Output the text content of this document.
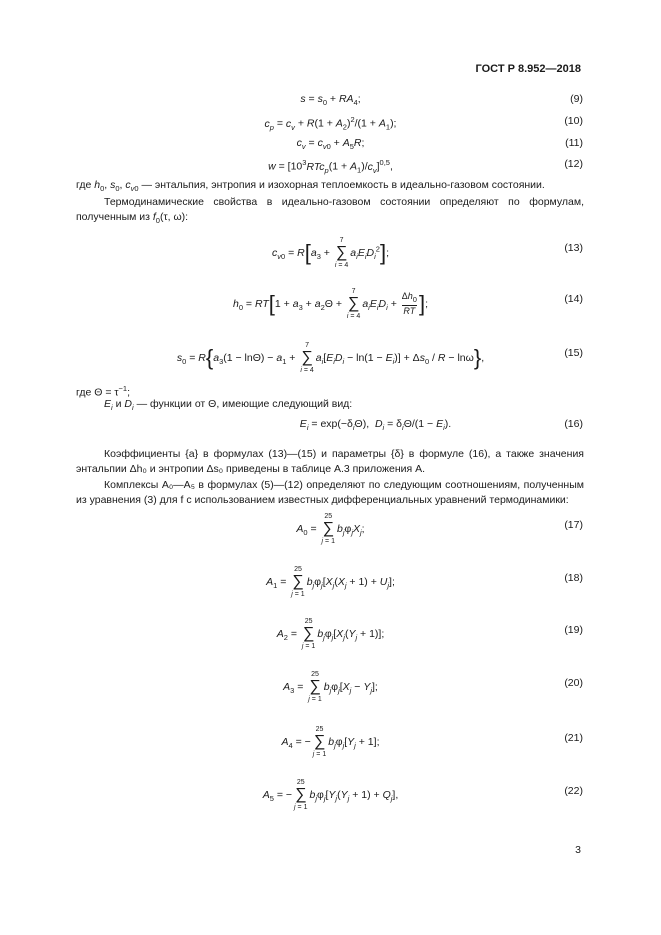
ГОСТ Р 8.952—2018
$s = s_0 + RA_4$;	(9)
$c_p = c_v + R(1 + A_2)^2/(1 + A_1)$;	(10)
$c_v = c_{v0} + A_5R$;	(11)
$w = [10^3RTc_p(1 + A_1)/c_v]^{0,5}$,	(12)
где $h_0$, $s_0$, $c_{v0}$ — энтальпия, энтропия и изохорная теплоемкость в идеально-газовом состоянии.
Термодинамические свойства в идеально-газовом состоянии определяют по формулам, полученным из $f_0(\tau$, ω):
$c_{v0} = R[a_3$ +
7
∑
i = 4
$a_iE_iD_i^2$];	(13)
$h_0 = RT[1 + a_3 + a_2\Theta$ +
7
∑
i = 4
$a_iE_iD_i + \frac{\Delta h_0}{RT}$ ];	(14)
$s_0 = R\{a_3(1 - \ln\Theta) - a_1$ +
7
∑
i = 4
$a_i[E_iD_i - \ln(1 - E_i)] + \Delta s_0 / R - \ln\omega$},	(15)
где $\Theta = \tau^{-1}$;
$E_i$ и $D_i$ — функции от Θ, имеющие следующий вид:
$E_i = \exp(-\delta_i\Theta)$,  $D_i = \delta_i\Theta/(1 - E_i)$.	(16)
Коэффициенты {a} в формулах (13)—(15) и параметры {δ} в формуле (16), а также значения энтальпии Δh₀ и энтропии Δs₀ приведены в таблице А.3 приложения А.
Комплексы A₀—A₅ в формулах (5)—(12) определяют по следующим соотношениям, полученным из уравнения (3) для f с использованием известных дифференциальных уравнений термодинамики:
$A_0$ =
25
∑
j = 1
$b_j\varphi_jX_j$;	(17)
$A_1$ =
25
∑
j = 1
$b_j\varphi_j[X_j(X_j + 1) + U_j]$;	(18)
$A_2$ =
25
∑
j = 1
$b_j\varphi_j[X_j(Y_j + 1)]$;	(19)
$A_3$ =
25
∑
j = 1
$b_j\varphi_j[X_j - Y_j]$;	(20)
$A_4$ = −
25
∑
j = 1
$b_j\varphi_j[Y_j + 1]$;	(21)
$A_5$ = −
25
∑
j = 1
$b_j\varphi_j[Y_j(Y_j + 1) + Q_j]$,	(22)
3
